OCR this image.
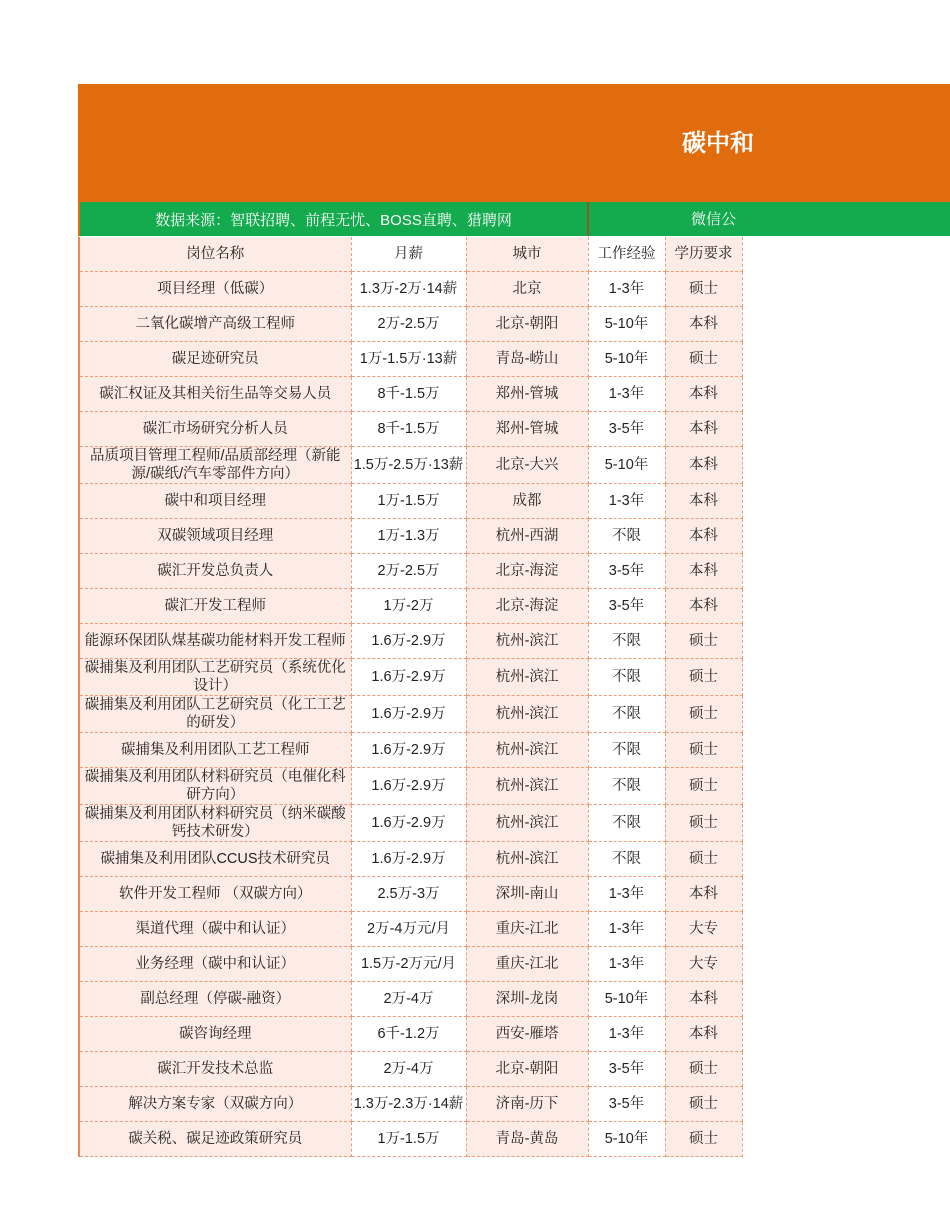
碳中和
数据来源：智联招聘、前程无忧、BOSS直聘、猎聘网	微信公
岗位名称	月薪	城市	工作经验	学历要求
项目经理（低碳）	1.3万-2万·14薪	北京	1-3年	硕士
二氧化碳增产高级工程师	2万-2.5万	北京-朝阳	5-10年	本科
碳足迹研究员	1万-1.5万·13薪	青岛-崂山	5-10年	硕士
碳汇权证及其相关衍生品等交易人员	8千-1.5万	郑州-管城	1-3年	本科
碳汇市场研究分析人员	8千-1.5万	郑州-管城	3-5年	本科
品质项目管理工程师/品质部经理（新能源/碳纸/汽车零部件方向）	1.5万-2.5万·13薪	北京-大兴	5-10年	本科
碳中和项目经理	1万-1.5万	成都	1-3年	本科
双碳领域项目经理	1万-1.3万	杭州-西湖	不限	本科
碳汇开发总负责人	2万-2.5万	北京-海淀	3-5年	本科
碳汇开发工程师	1万-2万	北京-海淀	3-5年	本科
能源环保团队煤基碳功能材料开发工程师	1.6万-2.9万	杭州-滨江	不限	硕士
碳捕集及利用团队工艺研究员（系统优化设计）	1.6万-2.9万	杭州-滨江	不限	硕士
碳捕集及利用团队工艺研究员（化工工艺的研发）	1.6万-2.9万	杭州-滨江	不限	硕士
碳捕集及利用团队工艺工程师	1.6万-2.9万	杭州-滨江	不限	硕士
碳捕集及利用团队材料研究员（电催化科研方向）	1.6万-2.9万	杭州-滨江	不限	硕士
碳捕集及利用团队材料研究员（纳米碳酸钙技术研发）	1.6万-2.9万	杭州-滨江	不限	硕士
碳捕集及利用团队CCUS技术研究员	1.6万-2.9万	杭州-滨江	不限	硕士
软件开发工程师 （双碳方向）	2.5万-3万	深圳-南山	1-3年	本科
渠道代理（碳中和认证）	2万-4万元/月	重庆-江北	1-3年	大专
业务经理（碳中和认证）	1.5万-2万元/月	重庆-江北	1-3年	大专
副总经理（停碳-融资）	2万-4万	深圳-龙岗	5-10年	本科
碳咨询经理	6千-1.2万	西安-雁塔	1-3年	本科
碳汇开发技术总监	2万-4万	北京-朝阳	3-5年	硕士
解决方案专家（双碳方向）	1.3万-2.3万·14薪	济南-历下	3-5年	硕士
碳关税、碳足迹政策研究员	1万-1.5万	青岛-黄岛	5-10年	硕士
